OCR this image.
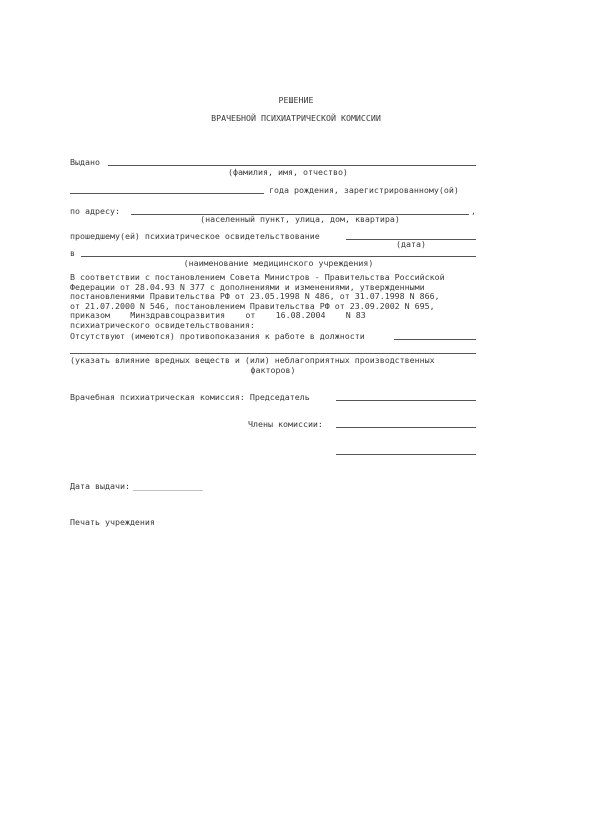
РЕШЕНИЕ
ВРАЧЕБНОЙ ПСИХИАТРИЧЕСКОЙ КОМИССИИ
Выдано
(фамилия, имя, отчество)
года рождения, зарегистрированному(ой)
по адресу:	,
(населенный пункт, улица, дом, квартира)
прошедшему(ей) психиатрическое освидетельствование
(дата)
в
(наименование медицинского учреждения)
В соответствии с постановлением Совета Министров - Правительства Российской
Федерации от 28.04.93 N 377 с дополнениями и изменениями, утвержденными
постановлениями Правительства РФ от 23.05.1998 N 486, от 31.07.1998 N 866,
от 21.07.2000 N 546, постановлением Правительства РФ от 23.09.2002 N 695,
приказом Минздравсоцразвития от 16.08.2004 N 83
психиатрического освидетельствования:
Отсутствуют (имеются) противопоказания к работе в должности
(указать влияние вредных веществ и (или) неблагоприятных производственных
факторов)
Врачебная психиатрическая комиссия: Председатель
Члены комиссии:
Дата выдачи: ______________
Печать учреждения
